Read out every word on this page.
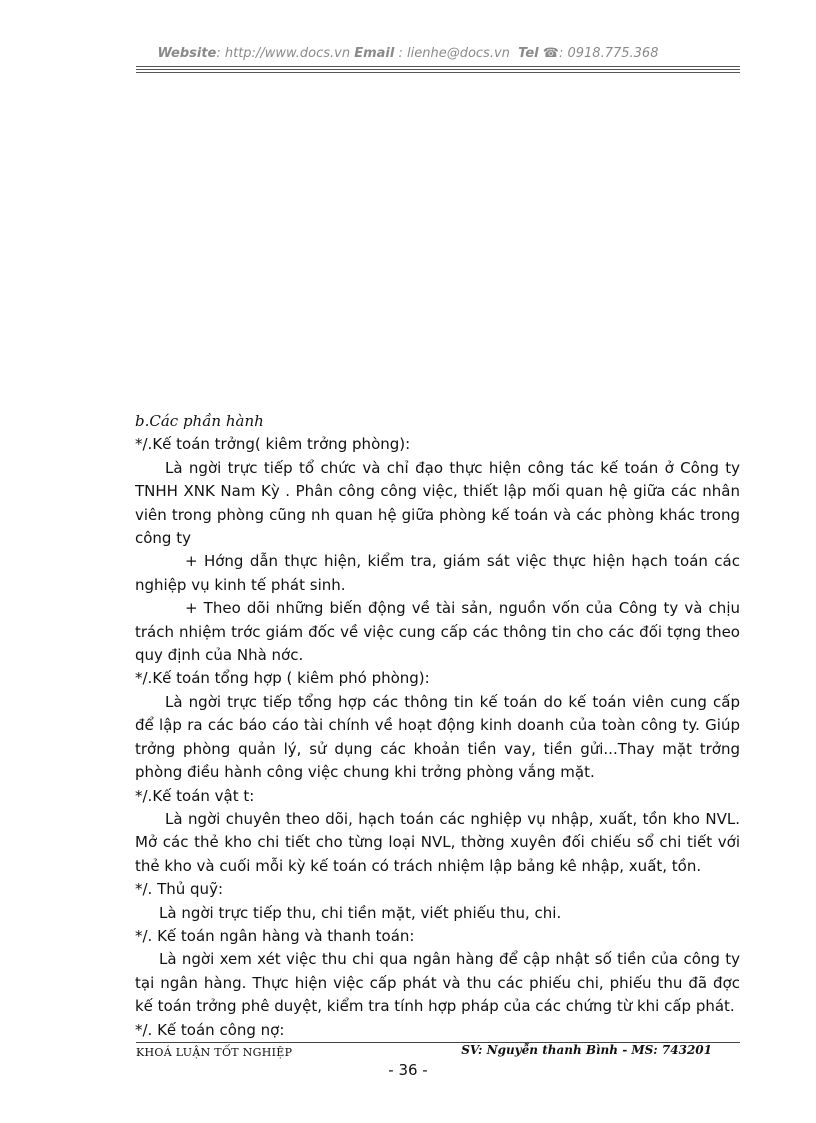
Website: http://www.docs.vn Email : lienhe@docs.vn Tel ☎: 0918.775.368

b.Các phần hành

*/.Kế toán trởng( kiêm trởng phòng):

Là ngời trực tiếp tổ chức và chỉ đạo thực hiện công tác kế toán ở Công ty TNHH XNK Nam Kỳ . Phân công công việc, thiết lập mối quan hệ giữa các nhân viên trong phòng cũng nh quan hệ giữa phòng kế toán và các phòng khác trong công ty

+ Hớng dẫn thực hiện, kiểm tra, giám sát việc thực hiện hạch toán các nghiệp vụ kinh tế phát sinh.

+ Theo dõi những biến động về tài sản, nguồn vốn của Công ty và chịu trách nhiệm trớc giám đốc về việc cung cấp các thông tin cho các đối tợng theo quy định của Nhà nớc.

*/.Kế toán tổng hợp ( kiêm phó phòng):

Là ngời trực tiếp tổng hợp các thông tin kế toán do kế toán viên cung cấp để lập ra các báo cáo tài chính về hoạt động kinh doanh của toàn công ty. Giúp trởng phòng quản lý, sử dụng các khoản tiền vay, tiền gửi...Thay mặt trởng phòng điều hành công việc chung khi trởng phòng vắng mặt.

*/.Kế toán vật t:

Là ngời chuyên theo dõi, hạch toán các nghiệp vụ nhập, xuất, tồn kho NVL. Mở các thẻ kho chi tiết cho từng loại NVL, thờng xuyên đối chiếu sổ chi tiết với thẻ kho và cuối mỗi kỳ kế toán có trách nhiệm lập bảng kê nhập, xuất, tồn.

*/. Thủ quỹ:

Là ngời trực tiếp thu, chi tiền mặt, viết phiếu thu, chi.

*/. Kế toán ngân hàng và thanh toán:

Là ngời xem xét việc thu chi qua ngân hàng để cập nhật số tiền của công ty tại ngân hàng. Thực hiện việc cấp phát và thu các phiếu chi, phiếu thu đã đợc kế toán trởng phê duyệt, kiểm tra tính hợp pháp của các chứng từ khi cấp phát.

*/. Kế toán công nợ:

KHOÁ LUẬN TỐT NGHIỆP	SV: Nguyễn thanh Bình - MS: 743201
- 36 -
